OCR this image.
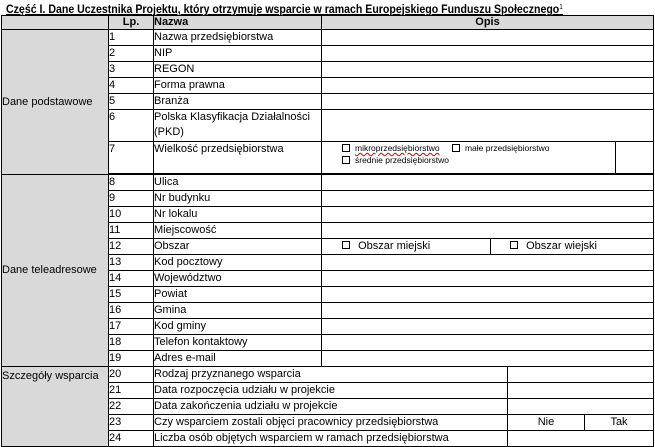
Część I. Dane Uczestnika Projektu, który otrzymuje wsparcie w ramach Europejskiego Funduszu Społecznego$^1$
	Lp.	Nazwa	Opis		
Dane podstawowe	1	Nazwa przedsiębiorstwa			
	2	NIP			
	3	REGON			
	4	Forma prawna			
	5	Branża			
	6	Polska Klasyfikacja Działalności (PKD)			
	7	Wielkość przedsiębiorstwa	mikroprzedsiębiorstwo małe przedsiębiorstwo
średnie przedsiębiorstwo		

Dane teleadresowe	8	Ulica			
	9	Nr budynku			
	10	Nr lokalu			
	11	Miejscowość			
	12	Obszar	Obszar miejski Obszar wiejski		

	13	Kod pocztowy			
	14	Województwo			
	15	Powiat			
	16	Gmina			
	17	Kod gminy			
	18	Telefon kontaktowy			
	19	Adres e-mail			
Szczegóły wsparcia	20	Rodzaj przyznanego wsparcia			
	21	Data rozpoczęcia udziału w projekcie			
	22	Data zakończenia udziału w projekcie			
	23	Czy wsparciem zostali objęci pracownicy przedsiębiorstwa		Nie	Tak
	24	Liczba osób objętych wsparciem w ramach przedsiębiorstwa			
